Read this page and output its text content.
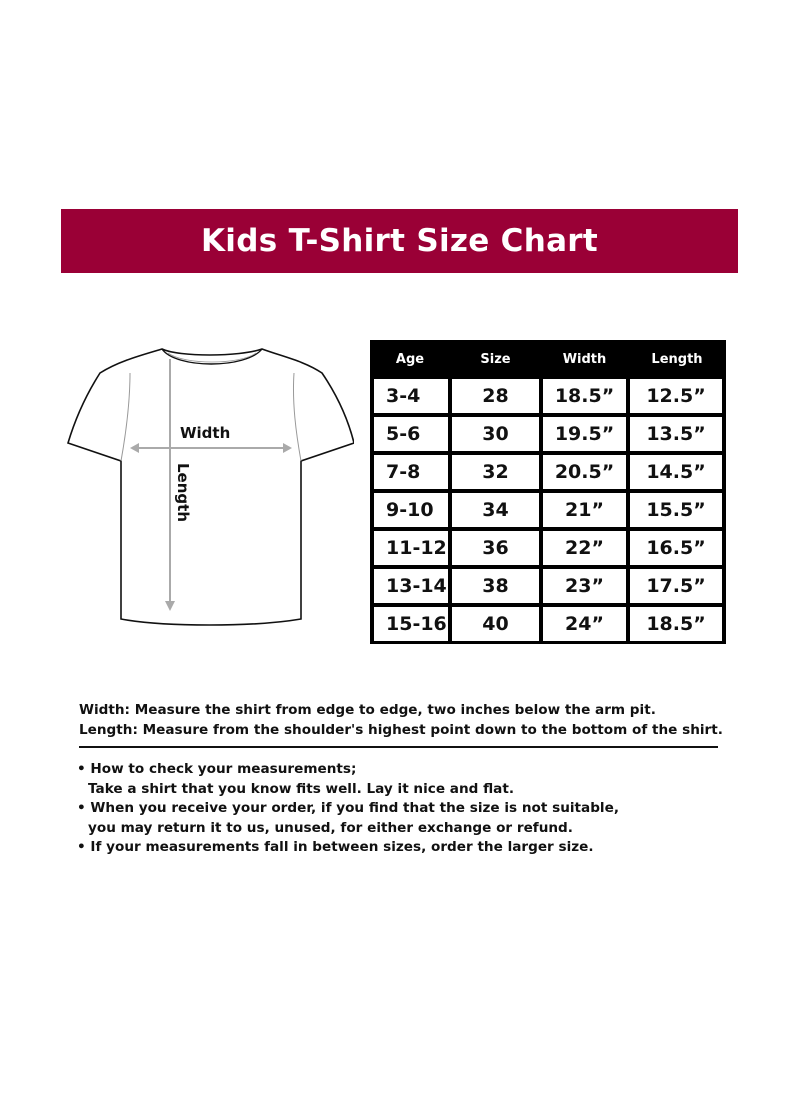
Kids T-Shirt Size Chart
Width
Length
Age	Size	Width	Length
3-4	28	18.5”	12.5”
5-6	30	19.5”	13.5”
7-8	32	20.5”	14.5”
9-10	34	21”	15.5”
11-12	36	22”	16.5”
13-14	38	23”	17.5”
15-16	40	24”	18.5”
Width: Measure the shirt from edge to edge, two inches below the arm pit.
Length: Measure from the shoulder's highest point down to the bottom of the shirt.
• How to check your measurements;
Take a shirt that you know fits well. Lay it nice and flat.
• When you receive your order, if you find that the size is not suitable,
you may return it to us, unused, for either exchange or refund.
• If your measurements fall in between sizes, order the larger size.
